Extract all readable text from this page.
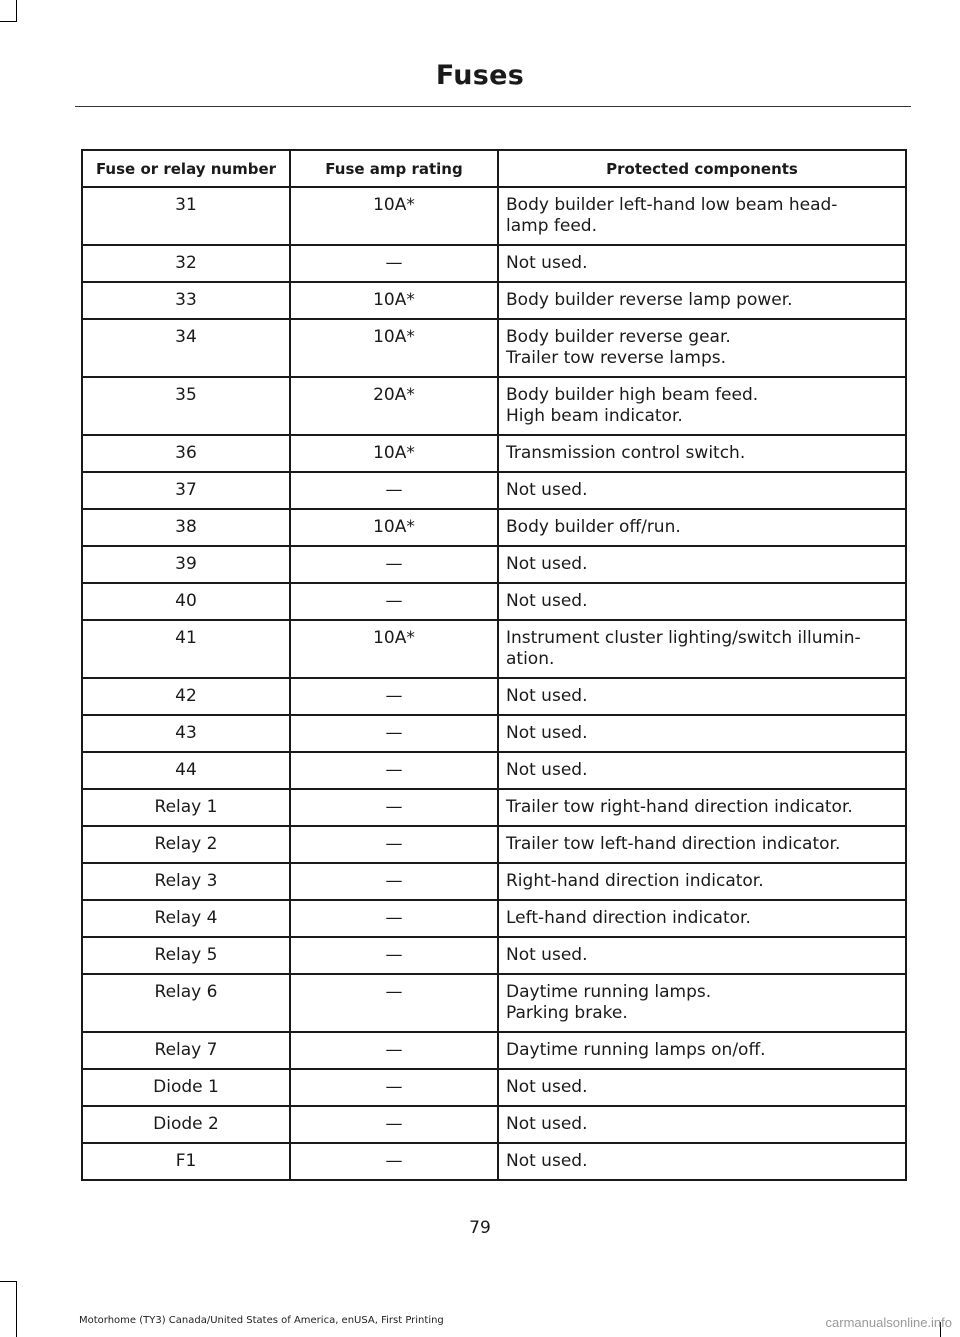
Fuses
Fuse or relay number	Fuse amp rating	Protected components
31	10A*	Body builder left-hand low beam head-
lamp feed.

32	—	Not used.

33	10A*	Body builder reverse lamp power.

34	10A*	Body builder reverse gear.
Trailer tow reverse lamps.

35	20A*	Body builder high beam feed.
High beam indicator.

36	10A*	Transmission control switch.

37	—	Not used.

38	10A*	Body builder off/run.

39	—	Not used.

40	—	Not used.

41	10A*	Instrument cluster lighting/switch illumin-
ation.

42	—	Not used.

43	—	Not used.

44	—	Not used.

Relay 1	—	Trailer tow right-hand direction indicator.

Relay 2	—	Trailer tow left-hand direction indicator.

Relay 3	—	Right-hand direction indicator.

Relay 4	—	Left-hand direction indicator.

Relay 5	—	Not used.

Relay 6	—	Daytime running lamps.
Parking brake.

Relay 7	—	Daytime running lamps on/off.

Diode 1	—	Not used.

Diode 2	—	Not used.

F1	—	Not used.
79
Motorhome (TY3) Canada/United States of America, enUSA, First Printing	carmanualsonline.info
